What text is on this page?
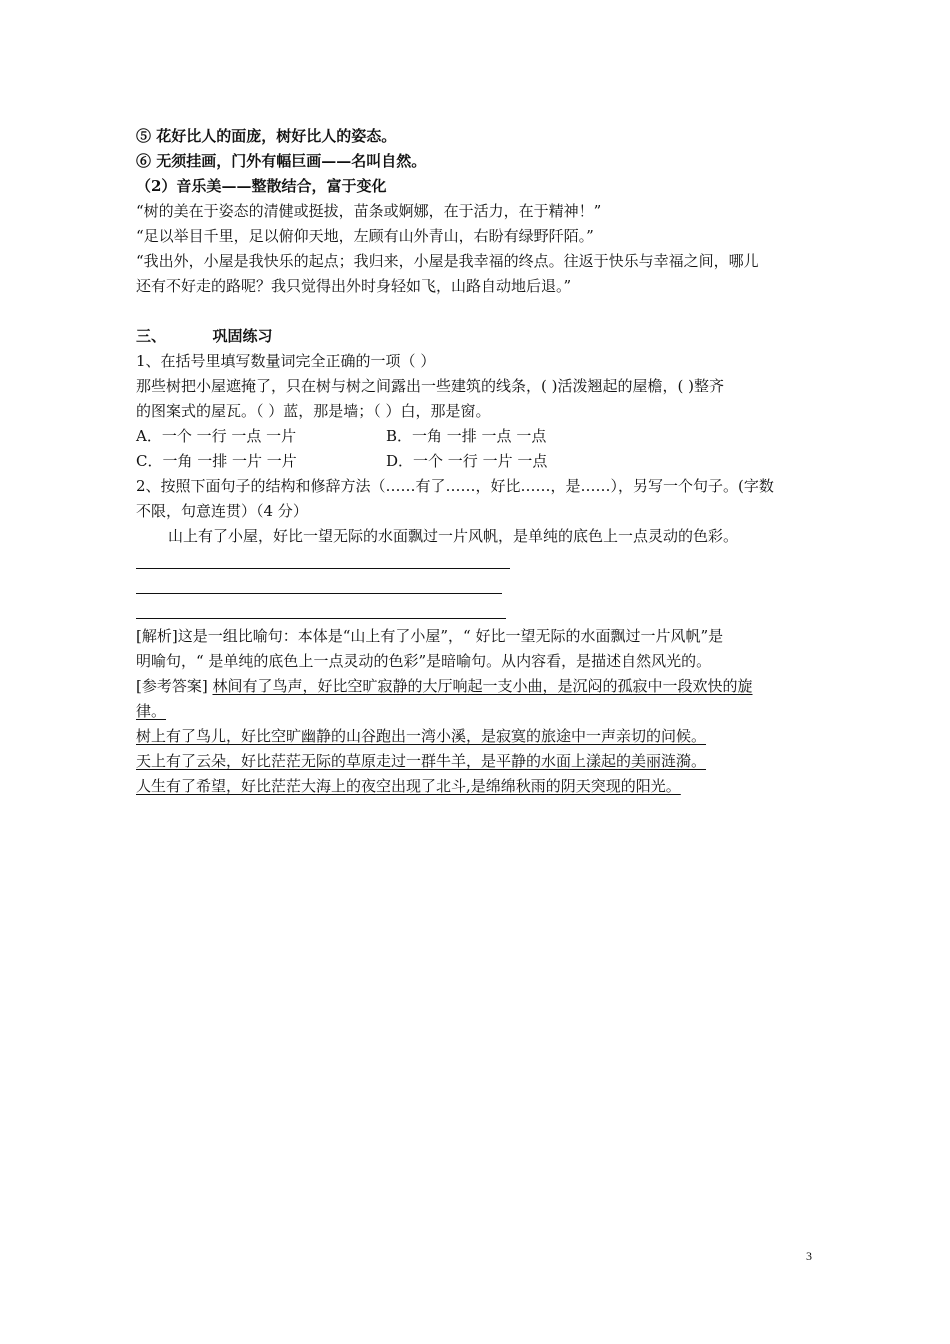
⑤ 花好比人的面庞，树好比人的姿态。
⑥ 无须挂画，门外有幅巨画——名叫自然。
（2）音乐美——整散结合，富于变化
“树的美在于姿态的清健或挺拔，苗条或婀娜，在于活力，在于精神！”
“足以举目千里，足以俯仰天地，左顾有山外青山，右盼有绿野阡陌。”
“我出外，小屋是我快乐的起点；我归来，小屋是我幸福的终点。往返于快乐与幸福之间，哪儿
还有不好走的路呢？我只觉得出外时身轻如飞，山路自动地后退。”
三、	巩固练习
1、在括号里填写数量词完全正确的一项（ ）
那些树把小屋遮掩了，只在树与树之间露出一些建筑的线条，( )活泼翘起的屋檐，( )整齐
的图案式的屋瓦。（ ）蓝，那是墙；（ ）白，那是窗。
A．一个 一行 一点 一片	B．一角 一排 一点 一点
C．一角 一排 一片 一片	D．一个 一行 一片 一点
2、按照下面句子的结构和修辞方法（……有了……，好比……，是……），另写一个句子。(字数
不限，句意连贯）（4 分）
山上有了小屋，好比一望无际的水面飘过一片风帆，是单纯的底色上一点灵动的色彩。
[解析]这是一组比喻句：本体是“山上有了小屋”，“ 好比一望无际的水面飘过一片风帆”是
明喻句，“ 是单纯的底色上一点灵动的色彩”是暗喻句。从内容看，是描述自然风光的。
[参考答案] 林间有了鸟声，好比空旷寂静的大厅响起一支小曲，是沉闷的孤寂中一段欢快的旋
律。
树上有了鸟儿，好比空旷幽静的山谷跑出一湾小溪，是寂寞的旅途中一声亲切的问候。
天上有了云朵，好比茫茫无际的草原走过一群牛羊，是平静的水面上漾起的美丽涟漪。
人生有了希望，好比茫茫大海上的夜空出现了北斗,是绵绵秋雨的阴天突现的阳光。
3
